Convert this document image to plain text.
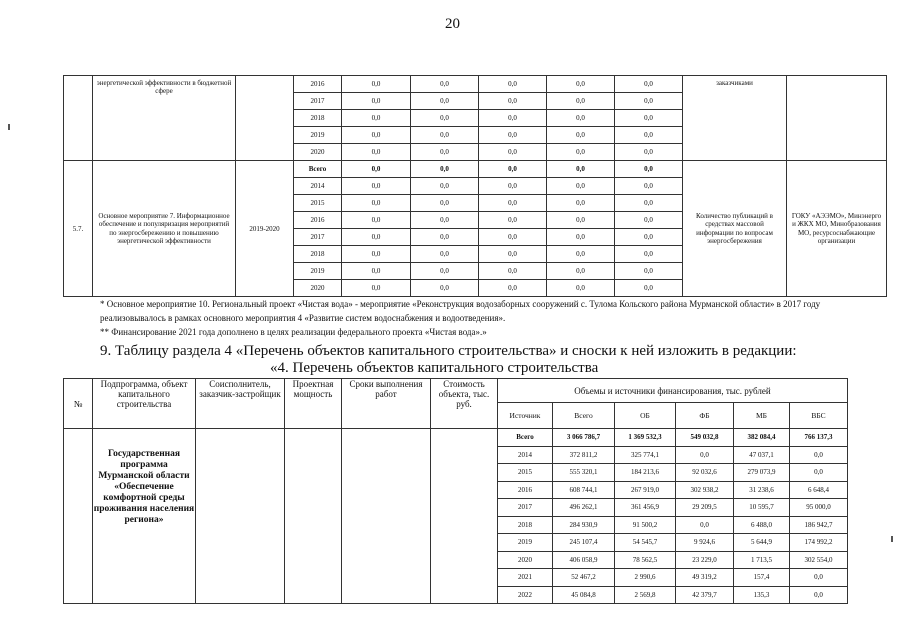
20
	энергетической эффективности в бюджетной сфере		2016	0,0	0,0	0,0	0,0	0,0	заказчиками	
			2017	0,0	0,0	0,0	0,0	0,0		
			2018	0,0	0,0	0,0	0,0	0,0		
			2019	0,0	0,0	0,0	0,0	0,0		
			2020	0,0	0,0	0,0	0,0	0,0		
5.7.	Основное мероприятие 7. Информационное обеспечение и популяризация мероприятий по энергосбережению и повышению энергетической эффективности	2019-2020	Всего	0,0	0,0	0,0	0,0	0,0	Количество публикаций в средствах массовой информации по вопросам энергосбережения	ГОКУ «АЭЭМО», Минэнерго и ЖКХ МО, Минобразования МО, ресурсоснабжающие организации
			2014	0,0	0,0	0,0	0,0	0,0		
			2015	0,0	0,0	0,0	0,0	0,0		
			2016	0,0	0,0	0,0	0,0	0,0		
			2017	0,0	0,0	0,0	0,0	0,0		
			2018	0,0	0,0	0,0	0,0	0,0		
			2019	0,0	0,0	0,0	0,0	0,0		
			2020	0,0	0,0	0,0	0,0	0,0		
* Основное мероприятие 10. Региональный проект «Чистая вода» - мероприятие «Реконструкция водозаборных сооружений с. Тулома Кольского района Мурманской области» в 2017 году реализовывалось в рамках основного мероприятия 4 «Развитие систем водоснабжения и водоотведения».
** Финансирование 2021 года дополнено в целях реализации федерального проекта «Чистая вода».»
9. Таблицу раздела 4 «Перечень объектов капитального строительства» и сноски к ней изложить в редакции:
«4. Перечень объектов капитального строительства
№	Подпрограмма, объект капитального строительства	Соисполнитель, заказчик-застройщик	Проектная мощность	Сроки выполнения работ	Стоимость объекта, тыс. руб.	Объемы и источники финансирования, тыс. рублей					
						Источник	Всего	ОБ	ФБ	МБ	ВБС
	Государственная программа Мурманской области «Обеспечение комфортной среды проживания населения региона»					Всего	3 066 786,7	1 369 532,3	549 032,8	382 084,4	766 137,3
						2014	372 811,2	325 774,1	0,0	47 037,1	0,0
						2015	555 320,1	184 213,6	92 032,6	279 073,9	0,0
						2016	608 744,1	267 919,0	302 938,2	31 238,6	6 648,4
						2017	496 262,1	361 456,9	29 209,5	10 595,7	95 000,0
						2018	284 930,9	91 500,2	0,0	6 488,0	186 942,7
						2019	245 107,4	54 545,7	9 924,6	5 644,9	174 992,2
						2020	406 058,9	78 562,5	23 229,0	1 713,5	302 554,0
						2021	52 467,2	2 990,6	49 319,2	157,4	0,0
						2022	45 084,8	2 569,8	42 379,7	135,3	0,0
